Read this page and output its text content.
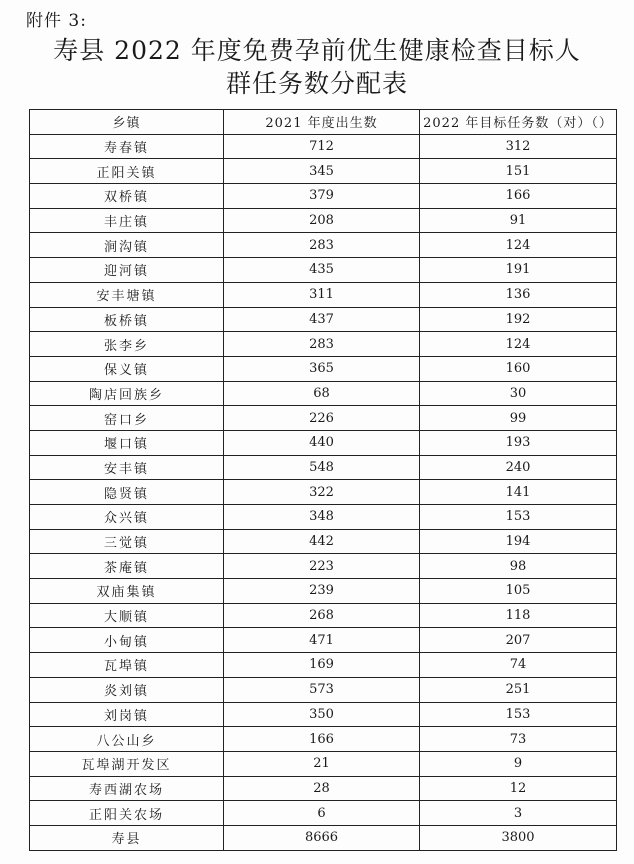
附件 3:
寿县 2022 年度免费孕前优生健康检查目标人
群任务数分配表
乡镇	2021 年度出生数	2022 年目标任务数（对）（）
寿春镇	712	312
正阳关镇	345	151
双桥镇	379	166
丰庄镇	208	91
涧沟镇	283	124
迎河镇	435	191
安丰塘镇	311	136
板桥镇	437	192
张李乡	283	124
保义镇	365	160
陶店回族乡	68	30
窑口乡	226	99
堰口镇	440	193
安丰镇	548	240
隐贤镇	322	141
众兴镇	348	153
三觉镇	442	194
茶庵镇	223	98
双庙集镇	239	105
大顺镇	268	118
小甸镇	471	207
瓦埠镇	169	74
炎刘镇	573	251
刘岗镇	350	153
八公山乡	166	73
瓦埠湖开发区	21	9
寿西湖农场	28	12
正阳关农场	6	3
寿县	8666	3800
